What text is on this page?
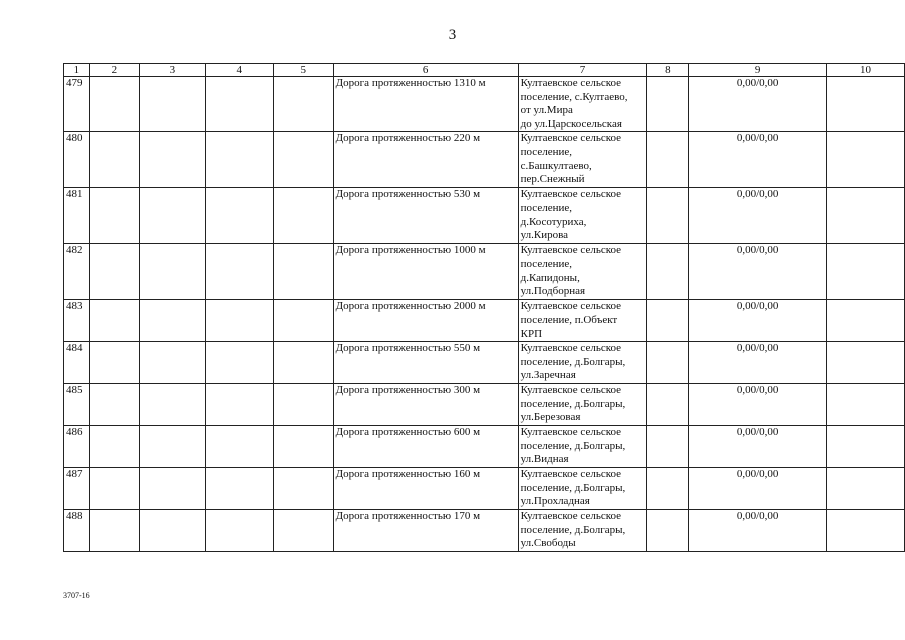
3
1	2	3	4	5	6	7	8	9	10
479					Дорога протяженностью 1310 м	Култаевское сельское
поселение, с.Култаево,
от ул.Мира
до ул.Царскосельская		0,00/0,00	
480					Дорога протяженностью 220 м	Култаевское сельское
поселение,
с.Башкултаево,
пер.Снежный		0,00/0,00	
481					Дорога протяженностью 530 м	Култаевское сельское
поселение,
д.Косотуриха,
ул.Кирова		0,00/0,00	
482					Дорога протяженностью 1000 м	Култаевское сельское
поселение,
д.Капидоны,
ул.Подборная		0,00/0,00	
483					Дорога протяженностью 2000 м	Култаевское сельское
поселение, п.Объект
КРП		0,00/0,00	
484					Дорога протяженностью 550 м	Култаевское сельское
поселение, д.Болгары,
ул.Заречная		0,00/0,00	
485					Дорога протяженностью 300 м	Култаевское сельское
поселение, д.Болгары,
ул.Березовая		0,00/0,00	
486					Дорога протяженностью 600 м	Култаевское сельское
поселение, д.Болгары,
ул.Видная		0,00/0,00	
487					Дорога протяженностью 160 м	Култаевское сельское
поселение, д.Болгары,
ул.Прохладная		0,00/0,00	
488					Дорога протяженностью 170 м	Култаевское сельское
поселение, д.Болгары,
ул.Свободы		0,00/0,00	
3707-16
